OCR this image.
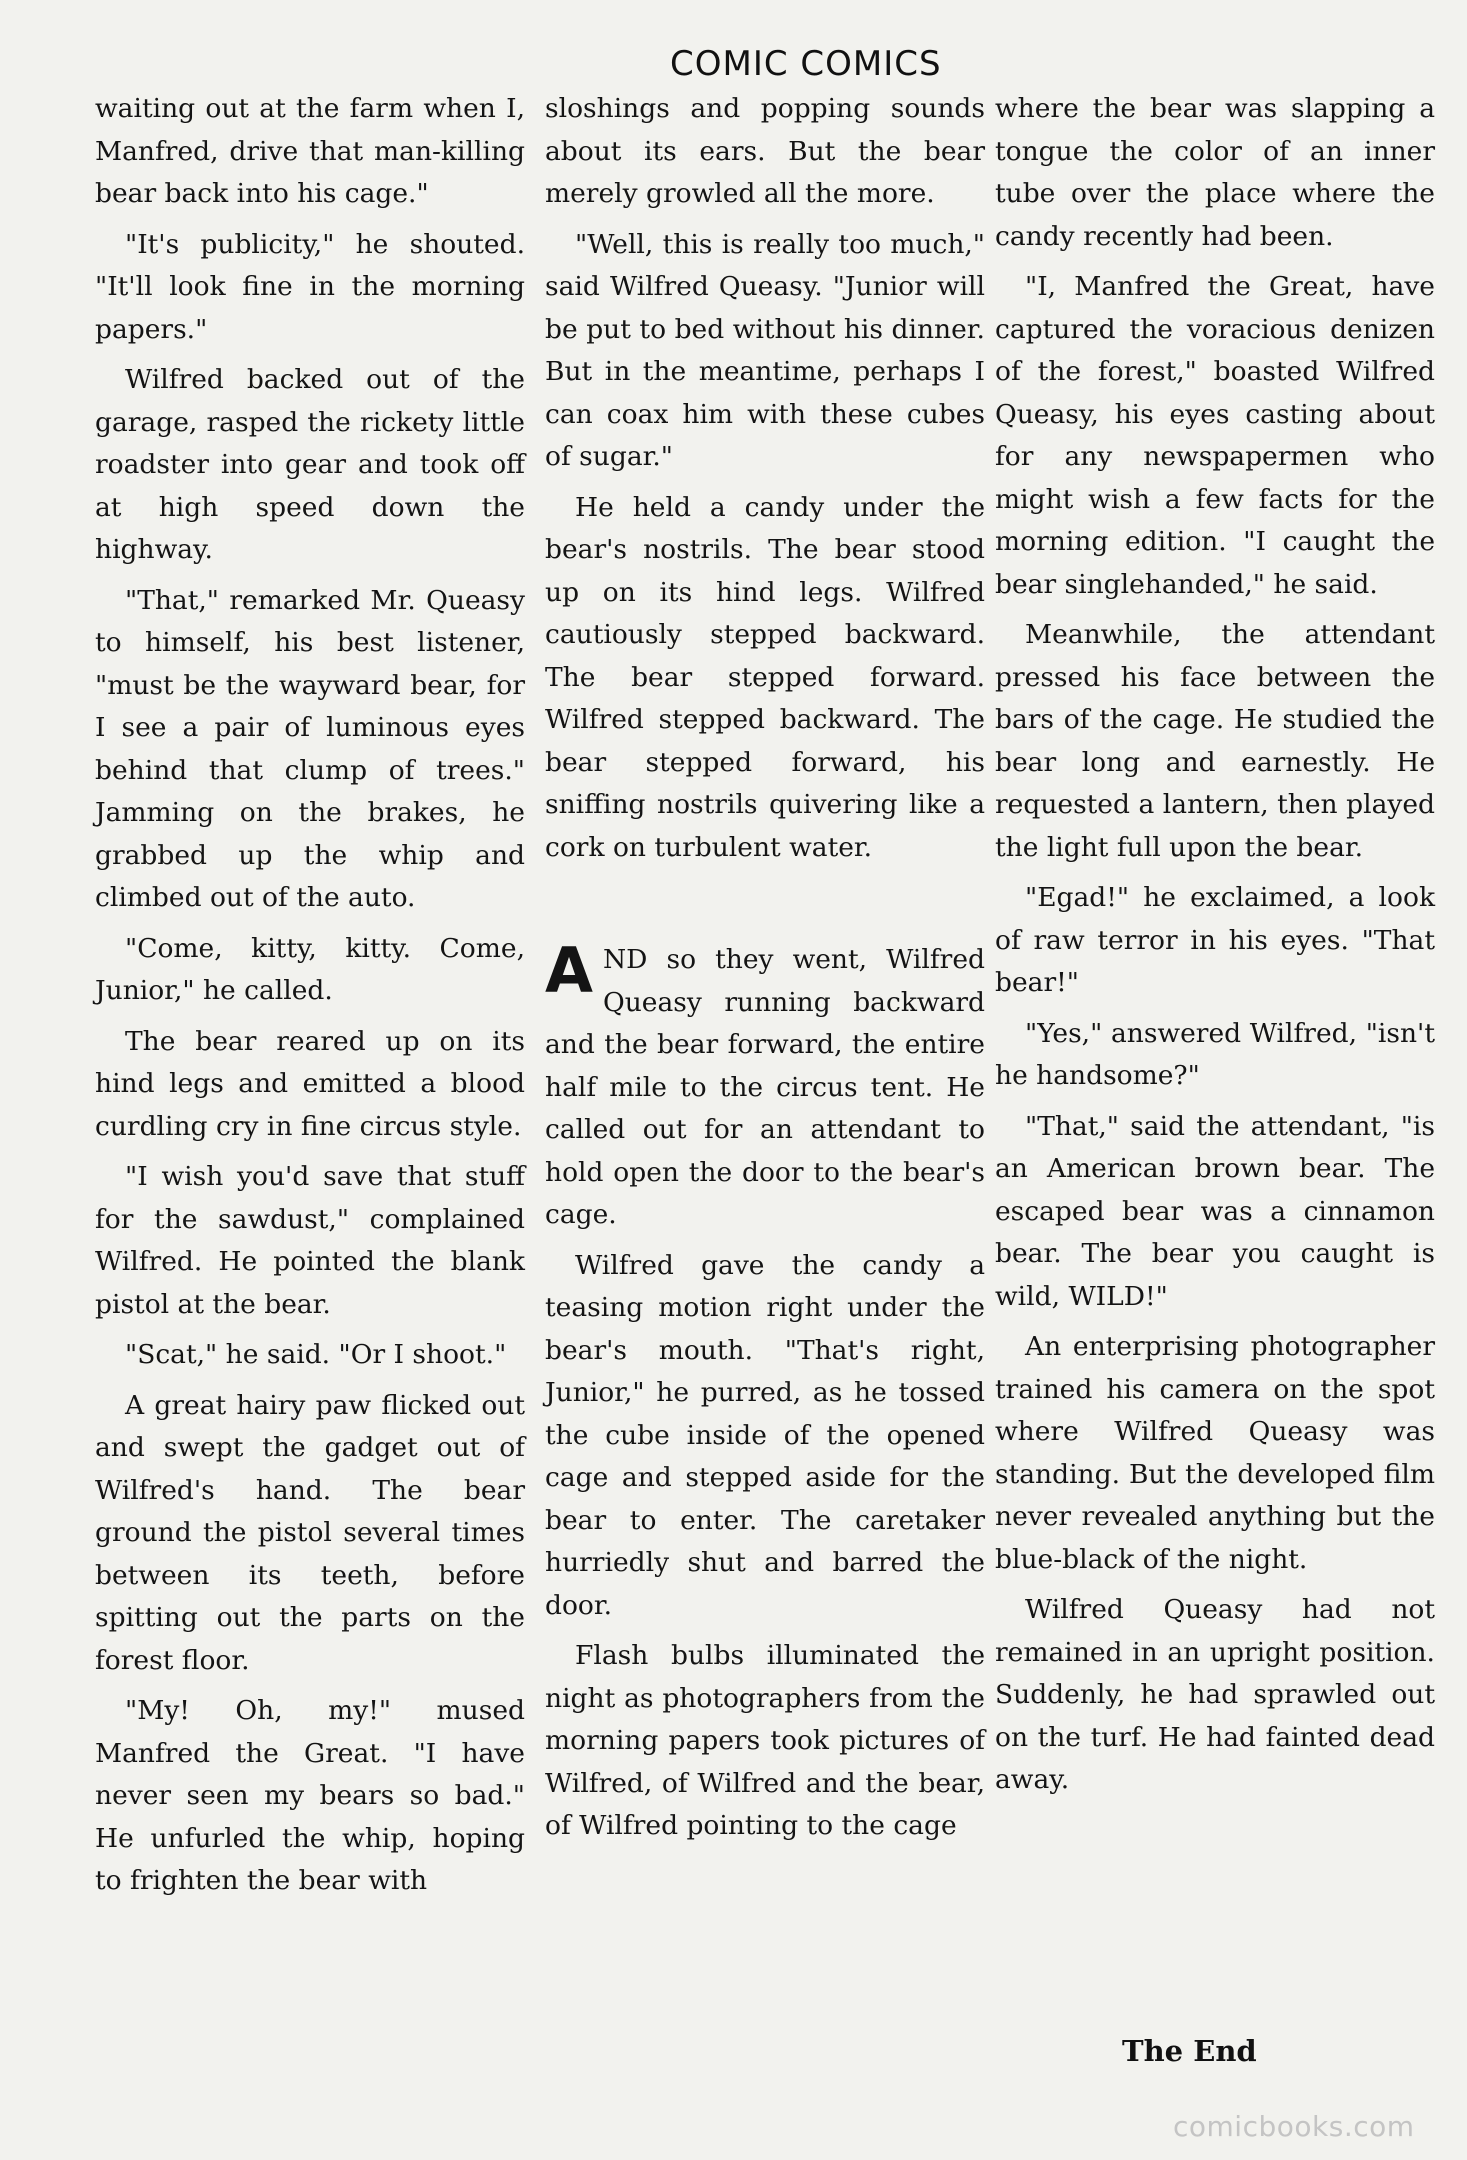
COMIC COMICS

waiting out at the farm when I, Manfred, drive that man-killing bear back into his cage."

"It's publicity," he shouted. "It'll look fine in the morning papers."

Wilfred backed out of the garage, rasped the rickety little roadster into gear and took off at high speed down the highway.

"That," remarked Mr. Queasy to himself, his best listener, "must be the wayward bear, for I see a pair of luminous eyes behind that clump of trees." Jamming on the brakes, he grabbed up the whip and climbed out of the auto.

"Come, kitty, kitty. Come, Junior," he called.

The bear reared up on its hind legs and emitted a blood curdling cry in fine circus style.

"I wish you'd save that stuff for the sawdust," complained Wilfred. He pointed the blank pistol at the bear.

"Scat," he said. "Or I shoot."

A great hairy paw flicked out and swept the gadget out of Wilfred's hand. The bear ground the pistol several times between its teeth, before spitting out the parts on the forest floor.

"My! Oh, my!" mused Manfred the Great. "I have never seen my bears so bad." He unfurled the whip, hoping to frighten the bear with

sloshings and popping sounds about its ears. But the bear merely growled all the more.

"Well, this is really too much," said Wilfred Queasy. "Junior will be put to bed without his dinner. But in the meantime, perhaps I can coax him with these cubes of sugar."

He held a candy under the bear's nostrils. The bear stood up on its hind legs. Wilfred cautiously stepped backward. The bear stepped forward. Wilfred stepped backward. The bear stepped forward, his sniffing nostrils quivering like a cork on turbulent water.

AND so they went, Wilfred Queasy running backward and the bear forward, the entire half mile to the circus tent. He called out for an attendant to hold open the door to the bear's cage.

Wilfred gave the candy a teasing motion right under the bear's mouth. "That's right, Junior," he purred, as he tossed the cube inside of the opened cage and stepped aside for the bear to enter. The caretaker hurriedly shut and barred the door.

Flash bulbs illuminated the night as photographers from the morning papers took pictures of Wilfred, of Wilfred and the bear, of Wilfred pointing to the cage

where the bear was slapping a tongue the color of an inner tube over the place where the candy recently had been.

"I, Manfred the Great, have captured the voracious denizen of the forest," boasted Wilfred Queasy, his eyes casting about for any newspapermen who might wish a few facts for the morning edition. "I caught the bear singlehanded," he said.

Meanwhile, the attendant pressed his face between the bars of the cage. He studied the bear long and earnestly. He requested a lantern, then played the light full upon the bear.

"Egad!" he exclaimed, a look of raw terror in his eyes. "That bear!"

"Yes," answered Wilfred, "isn't he handsome?"

"That," said the attendant, "is an American brown bear. The escaped bear was a cinnamon bear. The bear you caught is wild, WILD!"

An enterprising photographer trained his camera on the spot where Wilfred Queasy was standing. But the developed film never revealed anything but the blue-black of the night.

Wilfred Queasy had not remained in an upright position. Suddenly, he had sprawled out on the turf. He had fainted dead away.

The End
comicbooks.com
